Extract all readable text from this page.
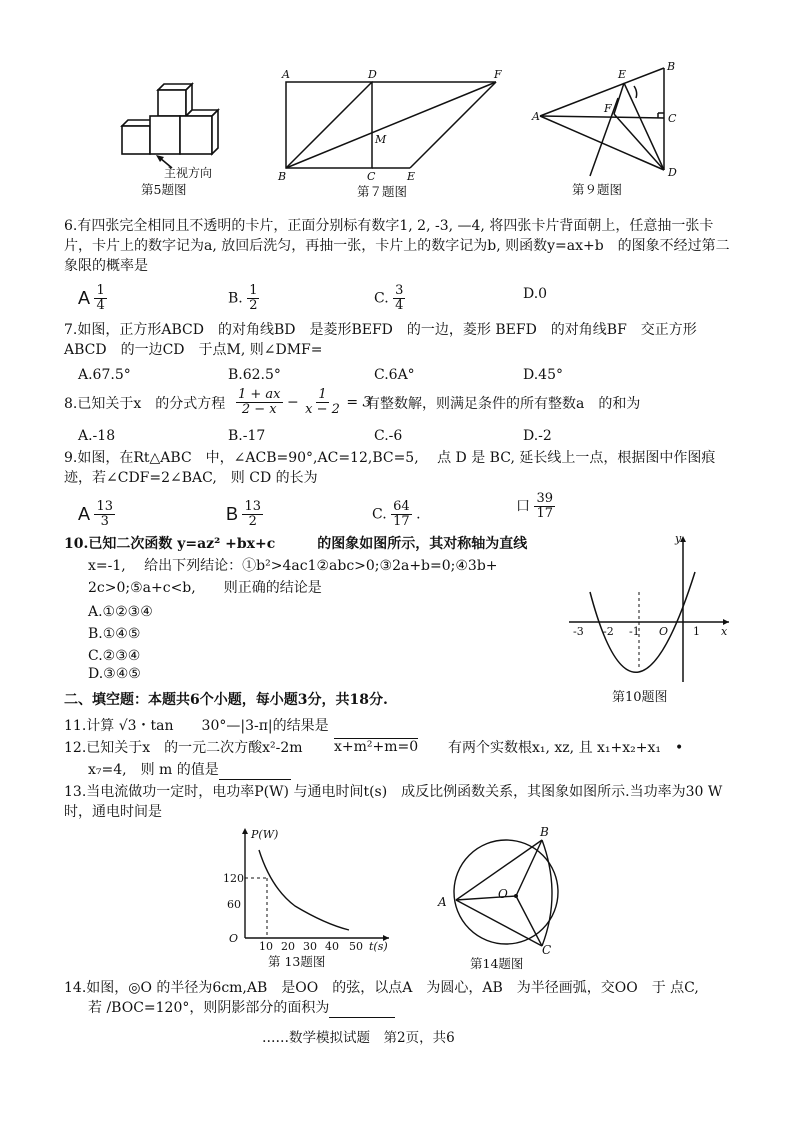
主视方向
第5题图
A	D	F
B	C	E
M
第７题图
E
B
A
F
C
D
第９题图
6.有四张完全相同且不透明的卡片，正面分别标有数字1, 2, -3, —4, 将四张卡片背面朝上，任意抽一张卡片，卡片上的数字记为a, 放回后洗匀，再抽一张，卡片上的数字记为b, 则函数y=ax+b　的图象不经过第二象限的概率是
A $\frac{1}{4}$	B. $\frac{1}{2}$	C. $\frac{3}{4}$	D.0
7.如图，正方形ABCD　的对角线BD　是菱形BEFD　的一边，菱形 BEFD　的对角线BF　交正方形 ABCD　的一边CD　于点M, 则∠DMF=
A.67.5°	B.62.5°	C.6A°	D.45°
8.已知关于x　的分式方程 $\frac{1 + ax}{2 - x} - \frac{1}{x - 2} = 3$
有整数解，则满足条件的所有整数a　的和为
A.-18	B.-17	C.-6	D.-2
9.如图，在Rt△ABC　中，∠ACB=90°,AC=12,BC=5,　 点 D 是 BC, 延长线上一点，根据图中作图痕迹，若∠CDF=2∠BAC,　则 CD 的长为
A $\frac{13}{3}$	B $\frac{13}{2}$	C. $\frac{64}{17}$ .	口 $\frac{39}{17}$
10.已知二次函数 y=az² +bx+c　　　的图象如图所示，其对称轴为直线
x=-1,　 给出下列结论：①b²>4ac1②abc>0;③2a+b=0;④3b+
2c>0;⑤a+c<b,　　则正确的结论是
A.①②③④
B.①④⑤
C.②③④
D.③④⑤
y
-3 -2 -1 O 1 x
第10题图
二、填空题：本题共6个小题，每小题3分，共18分.
11.计算 √3・tan　　30°—|3-π|的结果是
12.已知关于x　的一元二次方酸x²-2m x+m²+m=0 有两个实数根x₁, xz, 且 x₁+x₂+x₁　•
x₇=4,　则 m 的值是
13.当电流做功一定时，电功率P(W) 与通电时间t(s)　成反比例函数关系，其图象如图所示.当功率为30 W时，通电时间是
P(W)
120
60
O
10 20 30 40 50 t(s)
第 13题图
B
A
O
C
第14题图
14.如图，◎O 的半径为6cm,AB　是OO　的弦，以点A　为圆心，AB　为半径画弧，交OO　于 点C,
若 /BOC=120°，则阴影部分的面积为
……数学模拟试题　第2页，共6
